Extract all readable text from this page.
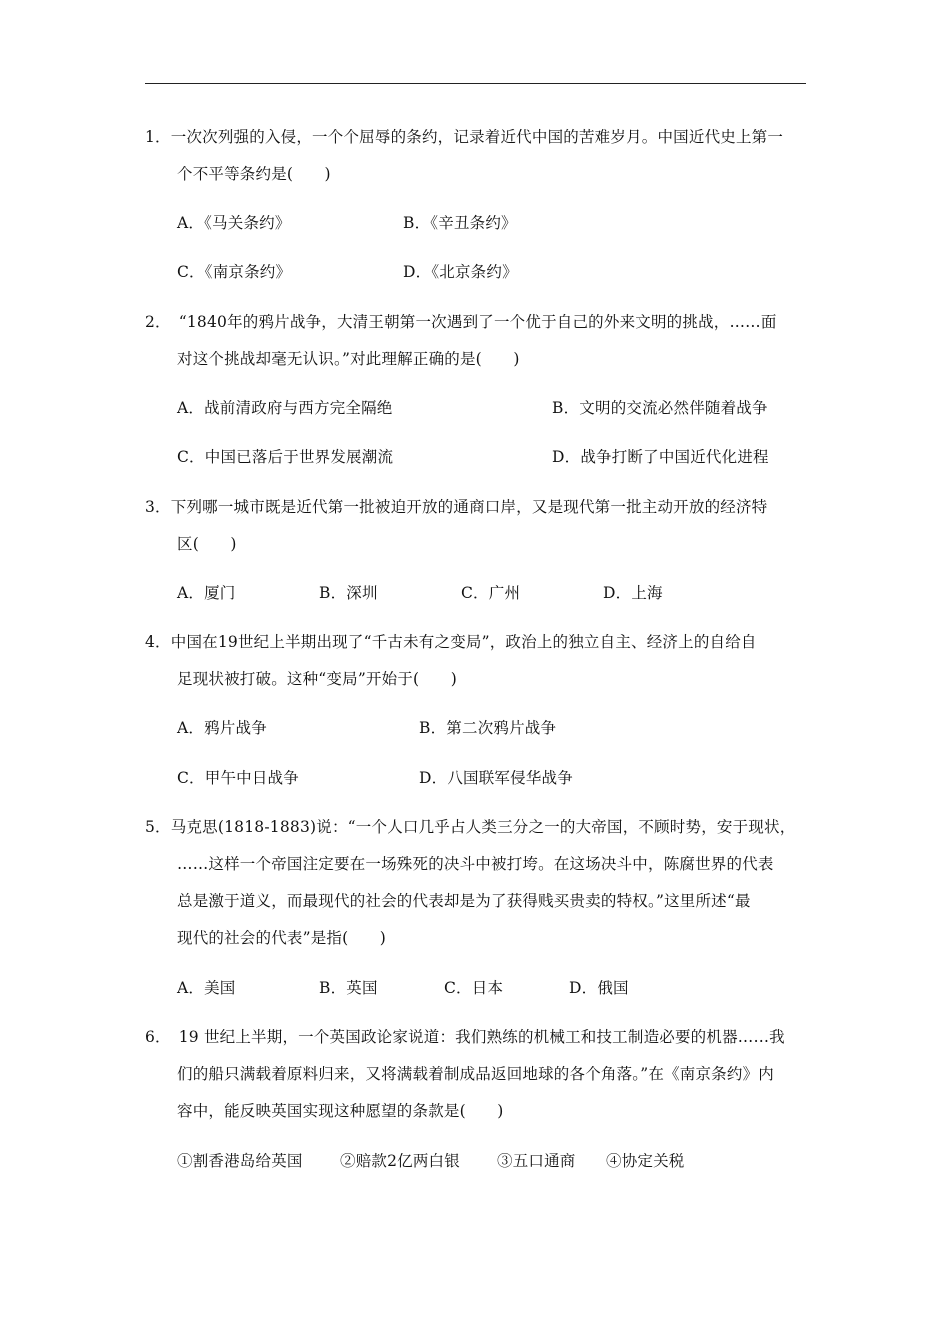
1．一次次列强的入侵，一个个屈辱的条约，记录着近代中国的苦难岁月。中国近代史上第一
个不平等条约是(　　)
A．《马关条约》	B．《辛丑条约》
C．《南京条约》	D．《北京条约》
2．　“1840年的鸦片战争，大清王朝第一次遇到了一个优于自己的外来文明的挑战，……面
对这个挑战却毫无认识。”对此理解正确的是(　　)
A．战前清政府与西方完全隔绝	B．文明的交流必然伴随着战争
C．中国已落后于世界发展潮流	D．战争打断了中国近代化进程
3．下列哪一城市既是近代第一批被迫开放的通商口岸，又是现代第一批主动开放的经济特
区(　　)
A．厦门	B．深圳	C．广州	D．上海
4．中国在19世纪上半期出现了“千古未有之变局”，政治上的独立自主、经济上的自给自
足现状被打破。这种“变局”开始于(　　)
A．鸦片战争	B．第二次鸦片战争
C．甲午中日战争	D．八国联军侵华战争
5．马克思(1818-1883)说：“一个人口几乎占人类三分之一的大帝国，不顾时势，安于现状，
……这样一个帝国注定要在一场殊死的决斗中被打垮。在这场决斗中，陈腐世界的代表
总是激于道义，而最现代的社会的代表却是为了获得贱买贵卖的特权。”这里所述“最
现代的社会的代表”是指(　　)
A．美国	B．英国	C．日本	D．俄国
6．　19 世纪上半期，一个英国政论家说道：我们熟练的机械工和技工制造必要的机器……我
们的船只满载着原料归来，又将满载着制成品返回地球的各个角落。”在《南京条约》内
容中，能反映英国实现这种愿望的条款是(　　)
①割香港岛给英国 ②赔款2亿两白银 ③五口通商 ④协定关税
